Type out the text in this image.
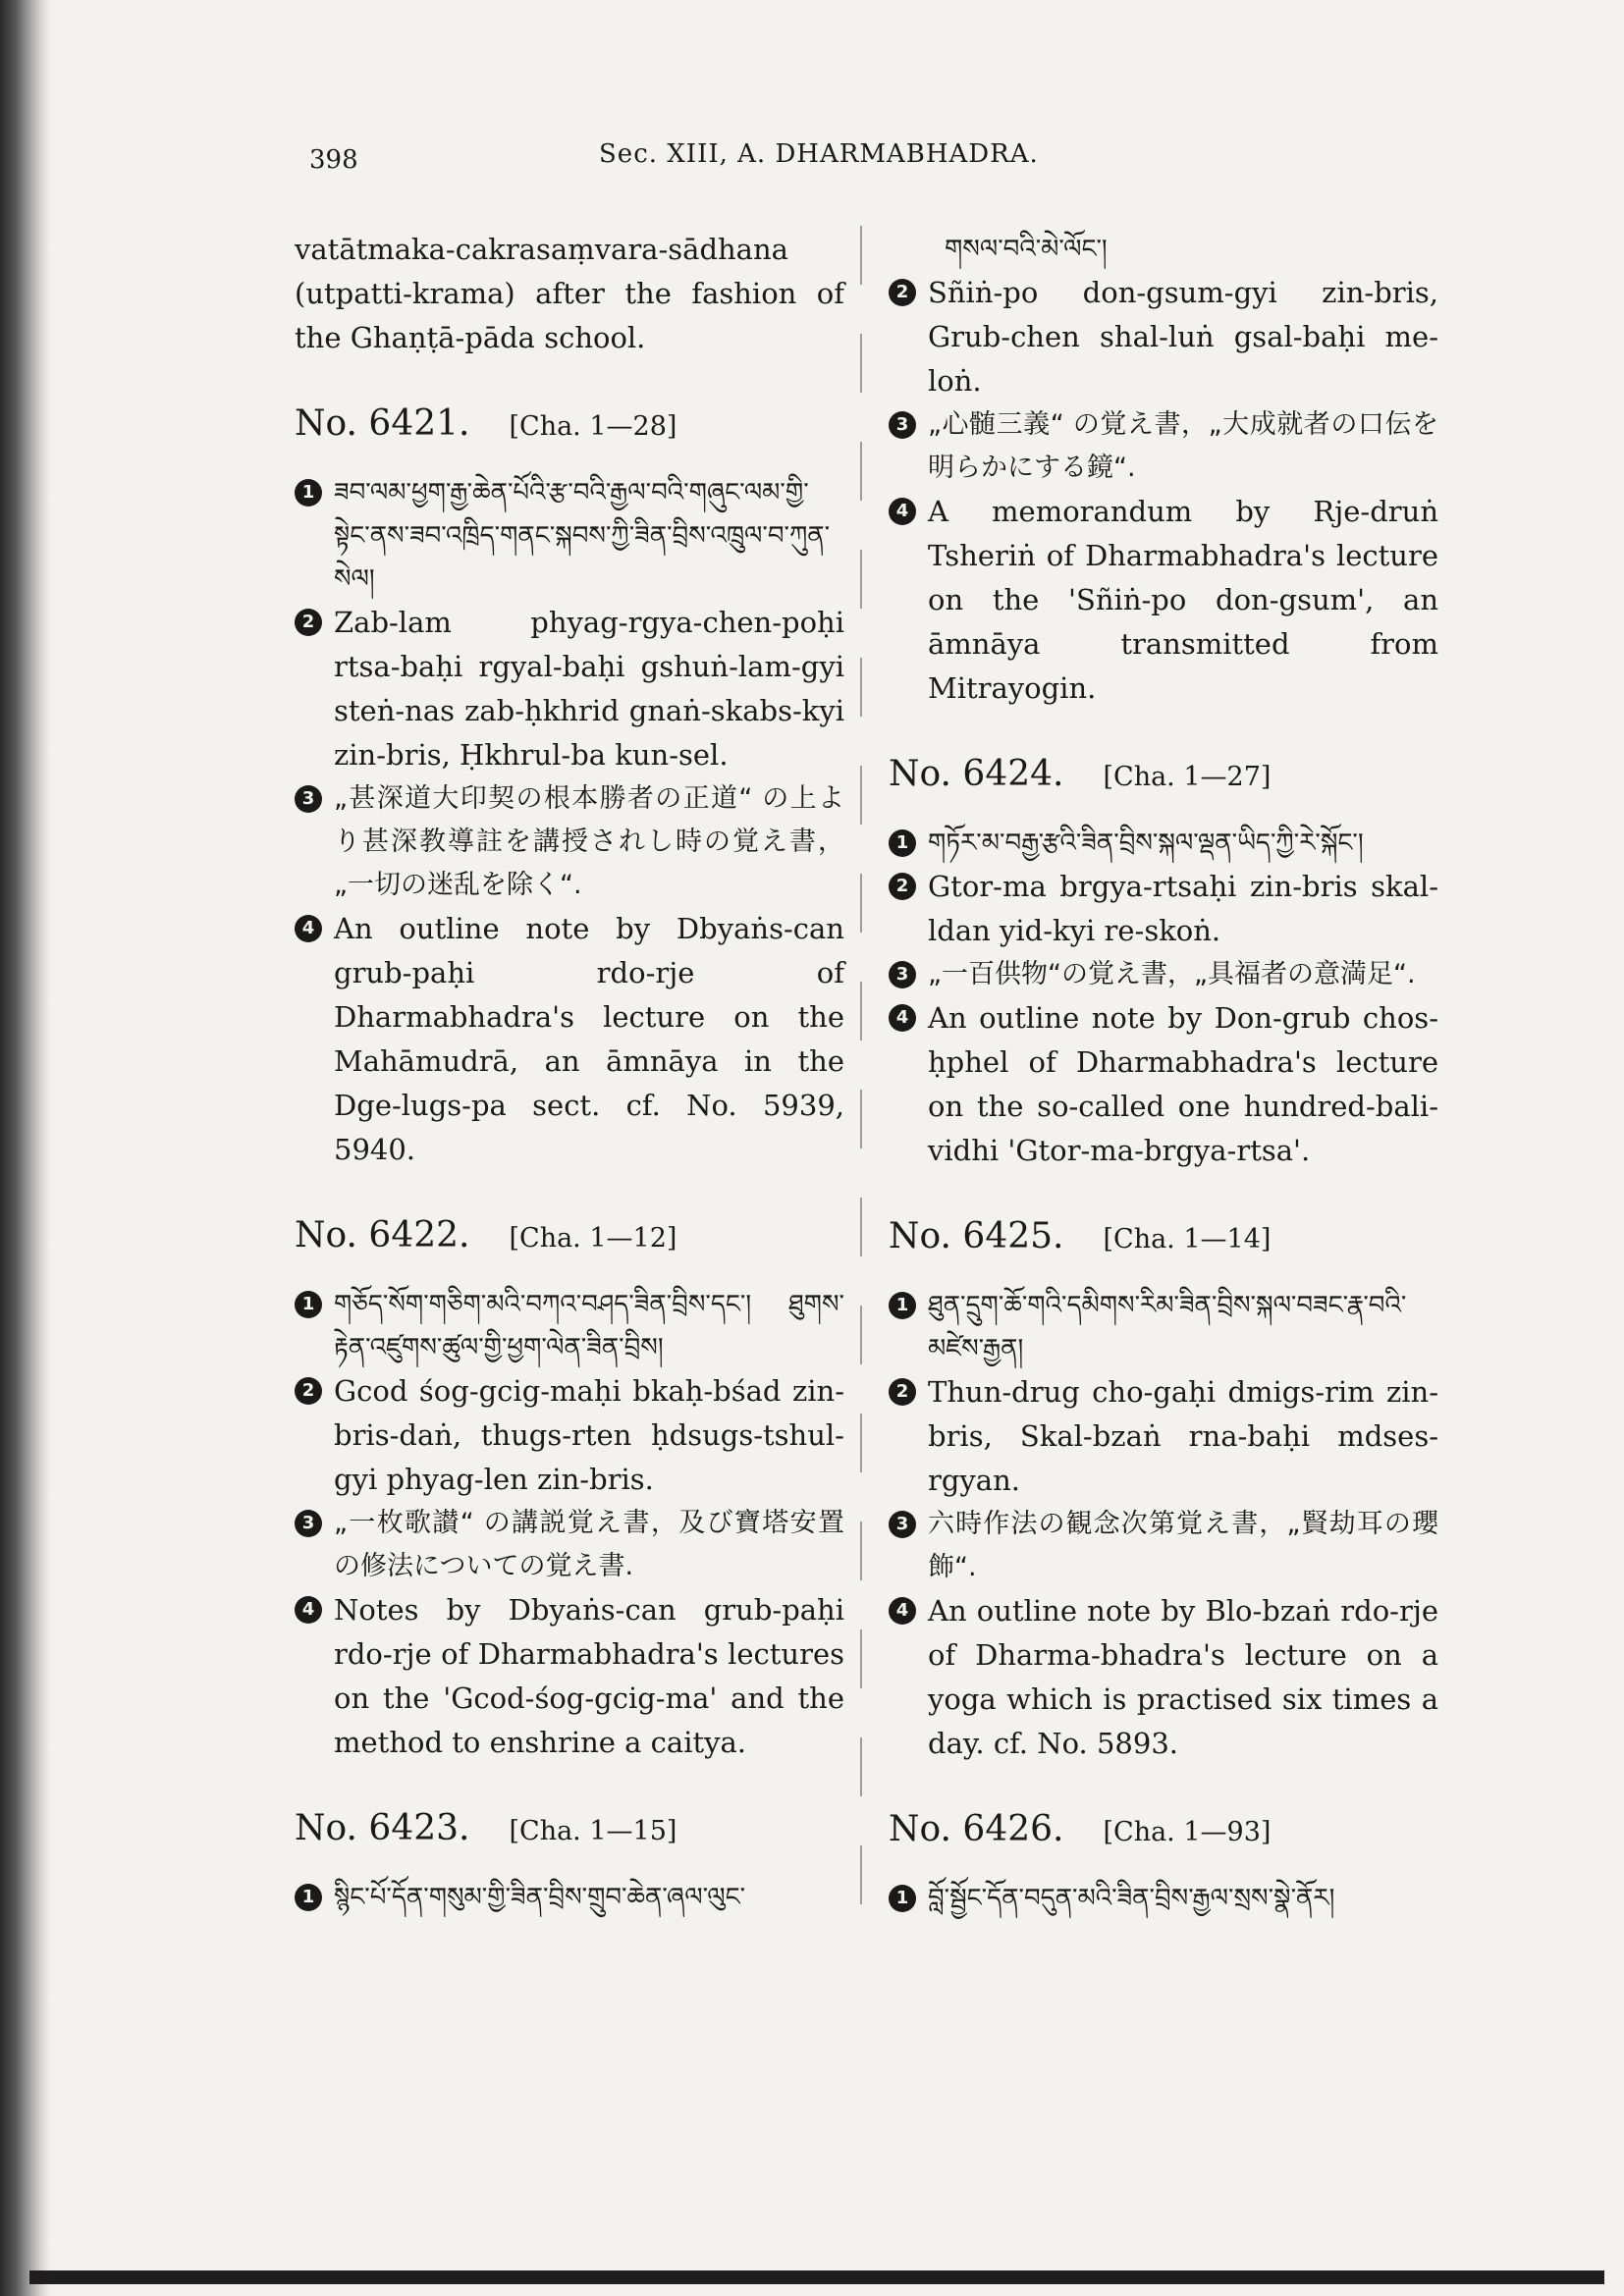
398	Sec. XIII, A. DHARMABHADRA.
vatātmaka-cakrasaṃvara-sādhana (utpatti-krama) after the fashion of the Ghaṇṭā-pāda school.
No. 6421. [Cha. 1—28]
1 ཟབ་ལམ་ཕྱག་རྒྱ་ཆེན་པོའི་རྩ་བའི་རྒྱལ་བའི་གཞུང་ལམ་གྱི་སྟེང་ནས་ཟབ་འཁྲིད་གནང་སྐབས་ཀྱི་ཟིན་བྲིས་འཁྲུལ་བ་ཀུན་སེལ།
2 Zab-lam phyag-rgya-chen-poḥi rtsa-baḥi rgyal-baḥi gshuṅ-lam-gyi steṅ-nas zab-ḥkhrid gnaṅ-skabs-kyi zin-bris, Ḥkhrul-ba kun-sel.
3 „甚深道大印契の根本勝者の正道“ の上より甚深教導註を講授されし時の覚え書，„一切の迷乱を除く“.
4 An outline note by Dbyaṅs-can grub-paḥi rdo-rje of Dharmabhadra's lecture on the Mahāmudrā, an āmnāya in the Dge-lugs-pa sect. cf. No. 5939, 5940.
No. 6422. [Cha. 1—12]
1 གཅོད་སོག་གཅིག་མའི་བཀའ་བཤད་ཟིན་བྲིས་དང་། ཐུགས་རྟེན་འཛུགས་ཚུལ་གྱི་ཕྱག་ལེན་ཟིན་བྲིས།
2 Gcod śog-gcig-maḥi bkaḥ-bśad zin-bris-daṅ, thugs-rten ḥdsugs-tshul-gyi phyag-len zin-bris.
3 „一枚歌讃“ の講説覚え書，及び寶塔安置の修法についての覚え書.
4 Notes by Dbyaṅs-can grub-paḥi rdo-rje of Dharmabhadra's lectures on the 'Gcod-śog-gcig-ma' and the method to enshrine a caitya.
No. 6423. [Cha. 1—15]
1 སྙིང་པོ་དོན་གསུམ་གྱི་ཟིན་བྲིས་གྲུབ་ཆེན་ཞལ་ལུང་
གསལ་བའི་མེ་ལོང་།
2 Sñiṅ-po don-gsum-gyi zin-bris, Grub-chen shal-luṅ gsal-baḥi me-loṅ.
3 „心髄三義“ の覚え書，„大成就者の口伝を明らかにする鏡“.
4 A memorandum by Rje-druṅ Tsheriṅ of Dharmabhadra's lecture on the 'Sñiṅ-po don-gsum', an āmnāya transmitted from Mitrayogin.
No. 6424. [Cha. 1—27]
1 གཏོར་མ་བརྒྱ་རྩའི་ཟིན་བྲིས་སྐལ་ལྡན་ཡིད་ཀྱི་རེ་སྐོང་།
2 Gtor-ma brgya-rtsaḥi zin-bris skal-ldan yid-kyi re-skoṅ.
3 „一百供物“の覚え書，„具福者の意満足“.
4 An outline note by Don-grub chos-ḥphel of Dharmabhadra's lecture on the so-called one hundred-bali-vidhi 'Gtor-ma-brgya-rtsa'.
No. 6425. [Cha. 1—14]
1 ཐུན་དྲུག་ཆོ་གའི་དམིགས་རིམ་ཟིན་བྲིས་སྐལ་བཟང་རྣ་བའི་མཛེས་རྒྱན།
2 Thun-drug cho-gaḥi dmigs-rim zin-bris, Skal-bzaṅ rna-baḥi mdses-rgyan.
3 六時作法の観念次第覚え書，„賢劫耳の瓔飾“.
4 An outline note by Blo-bzaṅ rdo-rje of Dharma-bhadra's lecture on a yoga which is practised six times a day. cf. No. 5893.
No. 6426. [Cha. 1—93]
1 བློ་སྦྱོང་དོན་བདུན་མའི་ཟིན་བྲིས་རྒྱལ་སྲས་སྣེ་ནོར།
